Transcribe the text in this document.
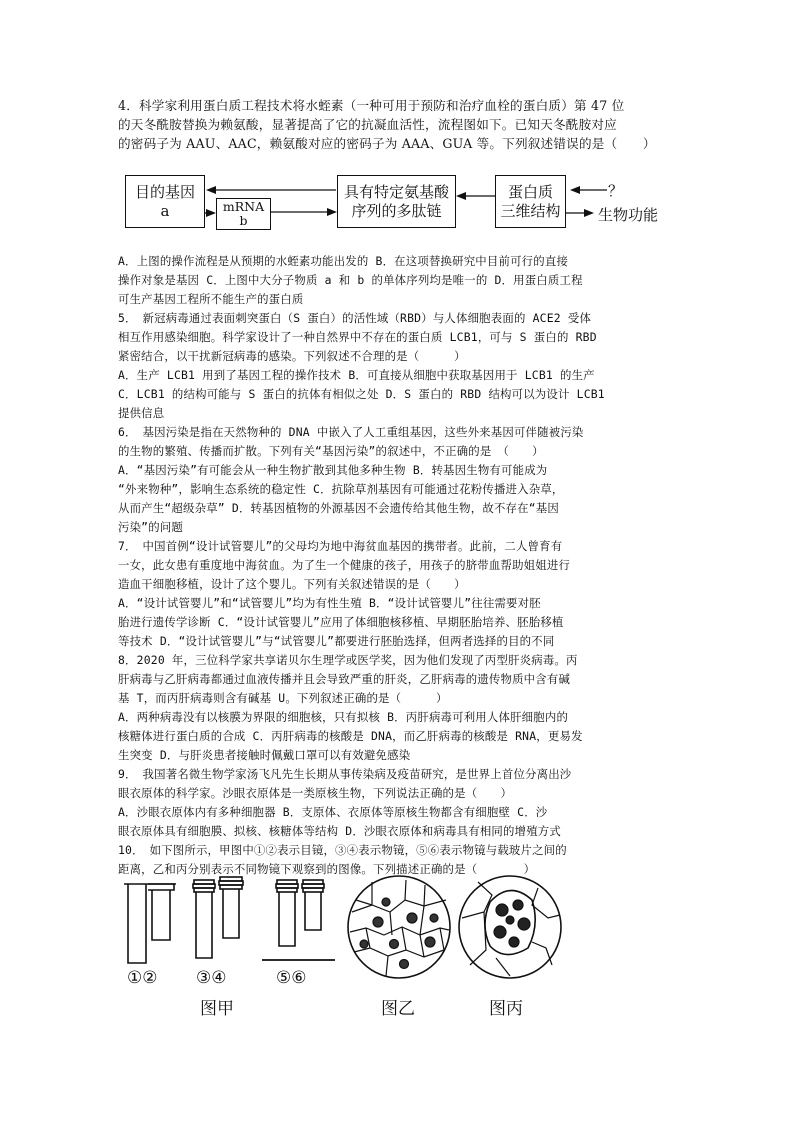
4．科学家利用蛋白质工程技术将水蛭素（一种可用于预防和治疗血栓的蛋白质）第 47 位
的天冬酰胺替换为赖氨酸，显著提高了它的抗凝血活性，流程图如下。已知天冬酰胺对应
的密码子为 AAU、AAC，赖氨酸对应的密码子为 AAA、GUA 等。下列叙述错误的是（　　）
目的基因
a	mRNA
b
具有特定氨基酸
序列的多肽链
蛋白质
三维结构
？
生物功能
A．上图的操作流程是从预期的水蛭素功能出发的 B．在这项替换研究中目前可行的直接
操作对象是基因 C．上图中大分子物质 a 和 b 的单体序列均是唯一的 D．用蛋白质工程
可生产基因工程所不能生产的蛋白质
5．　新冠病毒通过表面刺突蛋白（S 蛋白）的活性域（RBD）与人体细胞表面的 ACE2 受体
相互作用感染细胞。科学家设计了一种自然界中不存在的蛋白质 LCB1，可与 S 蛋白的 RBD
紧密结合，以干扰新冠病毒的感染。下列叙述不合理的是（　　　）
A．生产 LCB1 用到了基因工程的操作技术 B．可直接从细胞中获取基因用于 LCB1 的生产
C．LCB1 的结构可能与 S 蛋白的抗体有相似之处 D．S 蛋白的 RBD 结构可以为设计 LCB1
提供信息
6．　基因污染是指在天然物种的 DNA 中嵌入了人工重组基因，这些外来基因可伴随被污染
的生物的繁殖、传播而扩散。下列有关“基因污染”的叙述中，不正确的是　（　　）
A．“基因污染”有可能会从一种生物扩散到其他多种生物 B．转基因生物有可能成为
“外来物种”，影响生态系统的稳定性 C．抗除草剂基因有可能通过花粉传播进入杂草，
从而产生“超级杂草” D．转基因植物的外源基因不会遗传给其他生物，故不存在“基因
污染”的问题
7．　中国首例“设计试管婴儿”的父母均为地中海贫血基因的携带者。此前，二人曾育有
一女，此女患有重度地中海贫血。为了生一个健康的孩子，用孩子的脐带血帮助姐姐进行
造血干细胞移植，设计了这个婴儿。下列有关叙述错误的是（　　）
A．“设计试管婴儿”和“试管婴儿”均为有性生殖 B．“设计试管婴儿”往往需要对胚
胎进行遗传学诊断 C．“设计试管婴儿”应用了体细胞核移植、早期胚胎培养、胚胎移植
等技术 D．“设计试管婴儿”与“试管婴儿”都要进行胚胎选择，但两者选择的目的不同
8．2020 年，三位科学家共享诺贝尔生理学或医学奖，因为他们发现了丙型肝炎病毒。丙
肝病毒与乙肝病毒都通过血液传播并且会导致严重的肝炎，乙肝病毒的遗传物质中含有碱
基 T，而丙肝病毒则含有碱基 U。下列叙述正确的是（　　　）
A．两种病毒没有以核膜为界限的细胞核，只有拟核 B．丙肝病毒可利用人体肝细胞内的
核糖体进行蛋白质的合成 C．丙肝病毒的核酸是 DNA，而乙肝病毒的核酸是 RNA，更易发
生突变 D．与肝炎患者接触时佩戴口罩可以有效避免感染
9．　我国著名微生物学家汤飞凡先生长期从事传染病及疫苗研究，是世界上首位分离出沙
眼衣原体的科学家。沙眼衣原体是一类原核生物，下列说法正确的是（　　）
A．沙眼衣原体内有多种细胞器 B．支原体、衣原体等原核生物都含有细胞壁 C．沙
眼衣原体具有细胞膜、拟核、核糖体等结构 D．沙眼衣原体和病毒具有相同的增殖方式
10．　如下图所示，甲图中①②表示目镜，③④表示物镜，⑤⑥表示物镜与载玻片之间的
距离，乙和丙分别表示不同物镜下观察到的图像。下列描述正确的是（　　　　）
①② ③④	⑤⑥
图甲	图乙	图丙
